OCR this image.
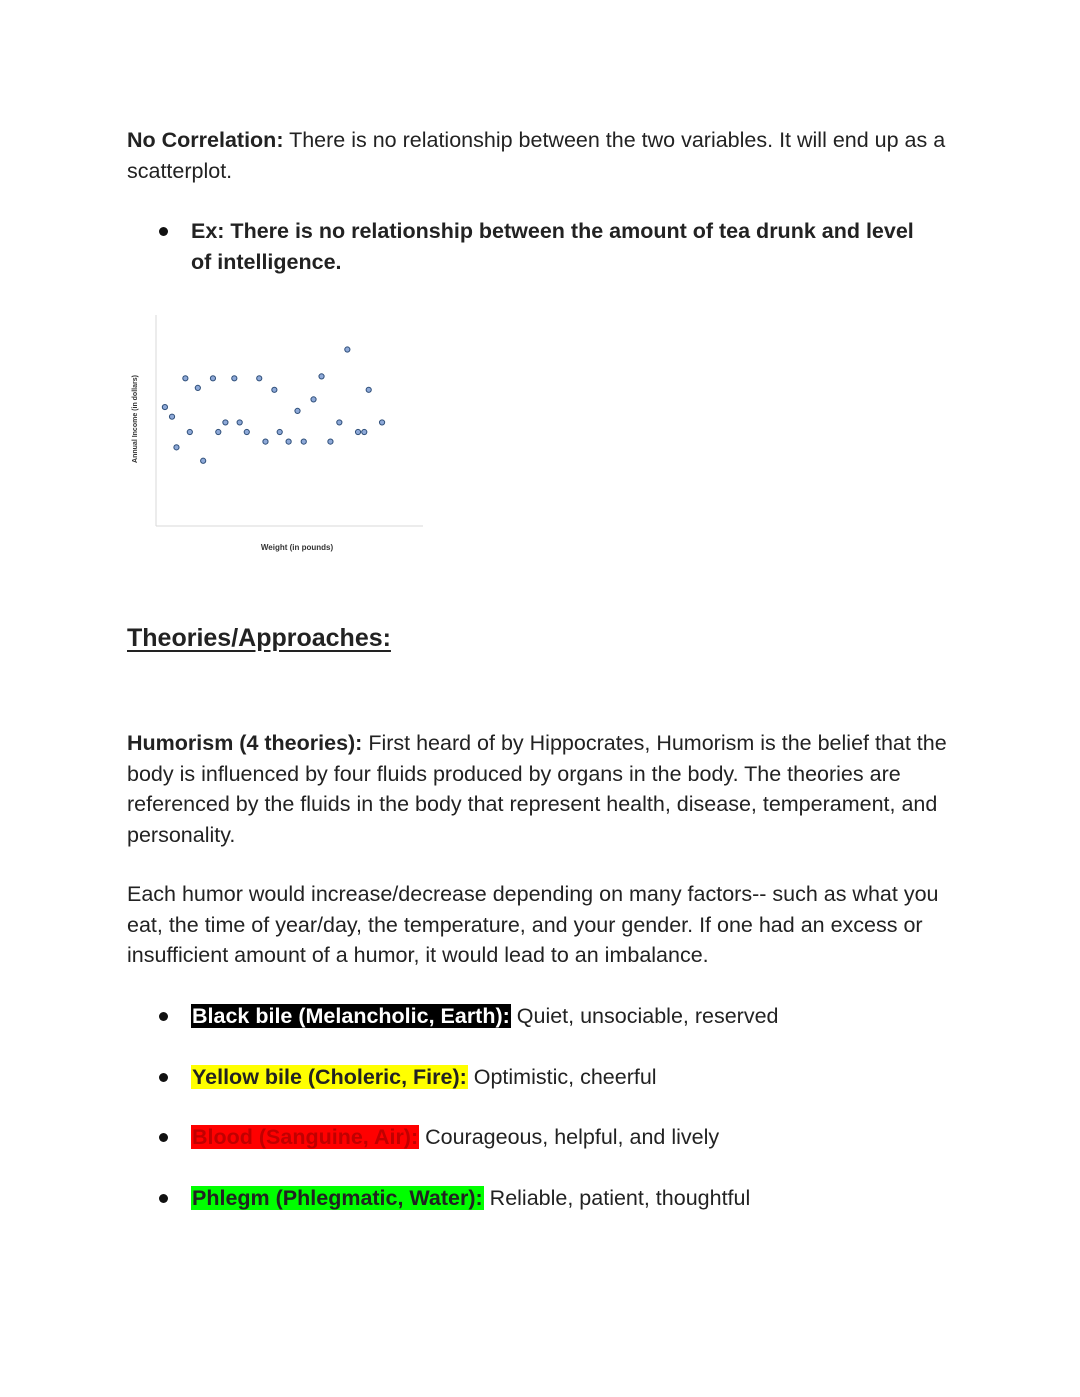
No Correlation: There is no relationship between the two variables. It will end up as a scatterplot.

Ex: There is no relationship between the amount of tea drunk and level of intelligence.
Weight (in pounds)
Annual Income (in dollars)
Theories/Approaches:

Humorism (4 theories): First heard of by Hippocrates, Humorism is the belief that the body is influenced by four fluids produced by organs in the body. The theories are referenced by the fluids in the body that represent health, disease, temperament, and personality.

Each humor would increase/decrease depending on many factors-- such as what you eat, the time of year/day, the temperature, and your gender. If one had an excess or insufficient amount of a humor, it would lead to an imbalance.

Black bile (Melancholic, Earth): Quiet, unsociable, reserved
Yellow bile (Choleric, Fire): Optimistic, cheerful
Blood (Sanguine, Air): Courageous, helpful, and lively
Phlegm (Phlegmatic, Water): Reliable, patient, thoughtful
